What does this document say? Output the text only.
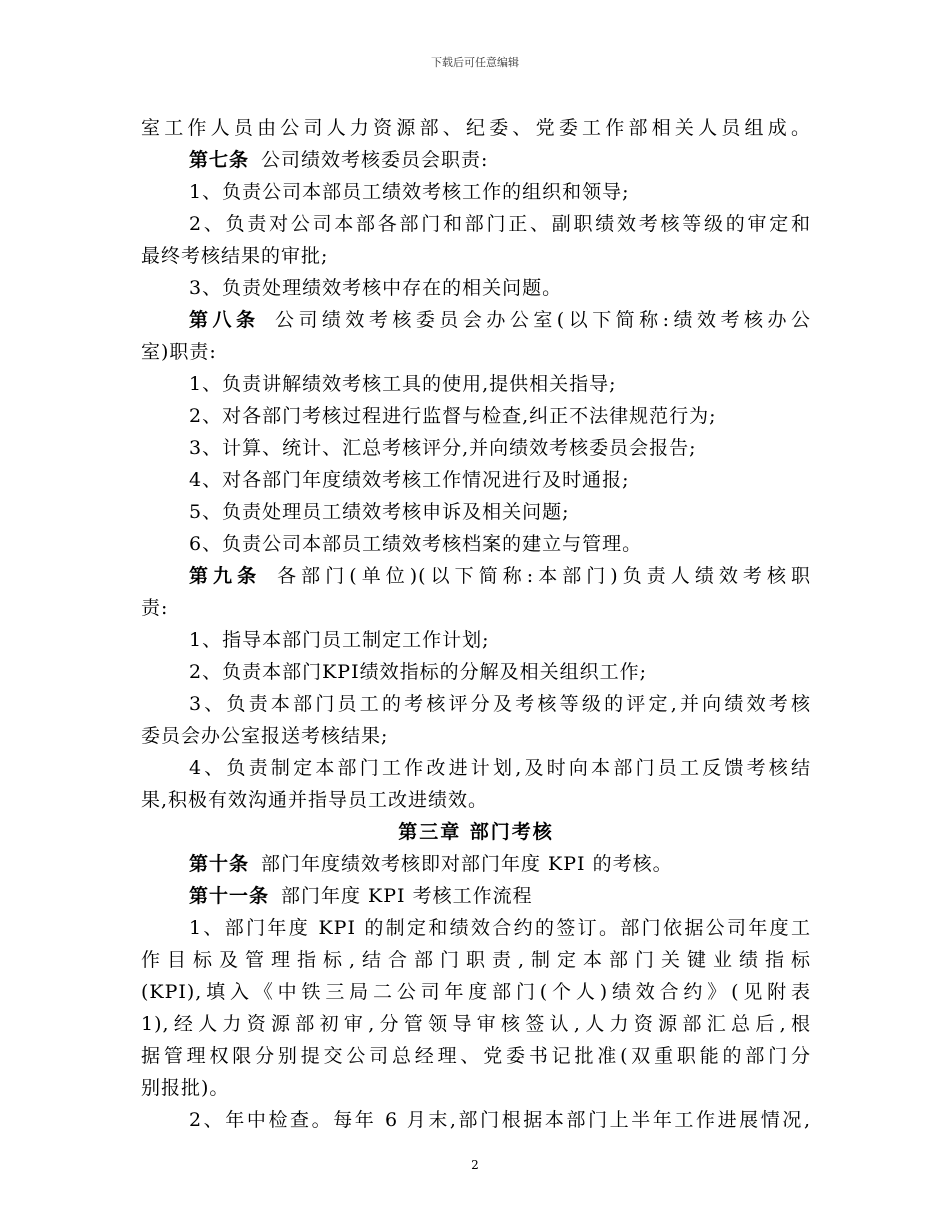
下载后可任意编辑
室工作人员由公司人力资源部、纪委、党委工作部相关人员组成。
第七条 公司绩效考核委员会职责:
1、负责公司本部员工绩效考核工作的组织和领导;
2、负责对公司本部各部门和部门正、副职绩效考核等级的审定和
最终考核结果的审批;
3、负责处理绩效考核中存在的相关问题。
第八条 公司绩效考核委员会办公室(以下简称:绩效考核办公
室)职责:
1、负责讲解绩效考核工具的使用,提供相关指导;
2、对各部门考核过程进行监督与检查,纠正不法律规范行为;
3、计算、统计、汇总考核评分,并向绩效考核委员会报告;
4、对各部门年度绩效考核工作情况进行及时通报;
5、负责处理员工绩效考核申诉及相关问题;
6、负责公司本部员工绩效考核档案的建立与管理。
第九条 各部门(单位)(以下简称:本部门)负责人绩效考核职
责:
1、指导本部门员工制定工作计划;
2、负责本部门KPI绩效指标的分解及相关组织工作;
3、负责本部门员工的考核评分及考核等级的评定,并向绩效考核
委员会办公室报送考核结果;
4、负责制定本部门工作改进计划,及时向本部门员工反馈考核结
果,积极有效沟通并指导员工改进绩效。
第三章 部门考核
第十条 部门年度绩效考核即对部门年度 KPI 的考核。
第十一条 部门年度 KPI 考核工作流程
1、部门年度 KPI 的制定和绩效合约的签订。部门依据公司年度工
作目标及管理指标,结合部门职责,制定本部门关键业绩指标
(KPI),填入《中铁三局二公司年度部门(个人)绩效合约》(见附表
1),经人力资源部初审,分管领导审核签认,人力资源部汇总后,根
据管理权限分别提交公司总经理、党委书记批准(双重职能的部门分
别报批)。
2、年中检查。每年 6 月末,部门根据本部门上半年工作进展情况,
2
